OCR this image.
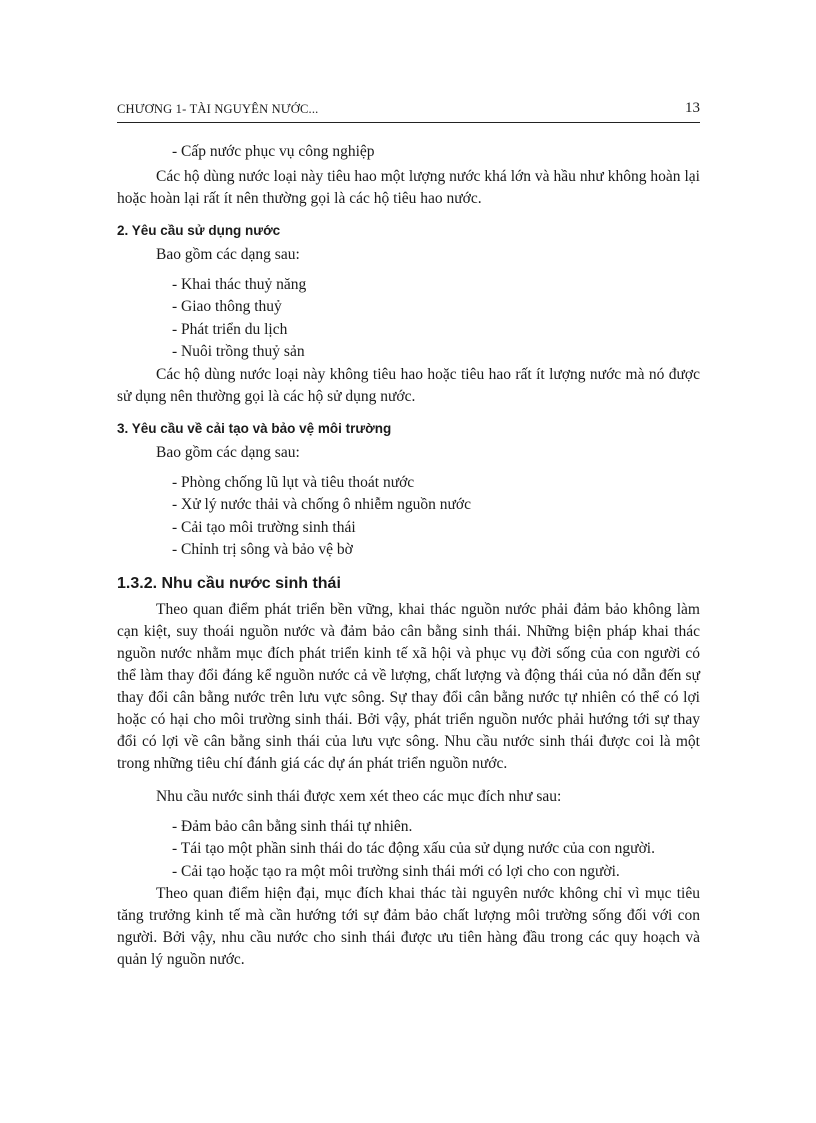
CHƯƠNG 1- TÀI NGUYÊN NƯỚC...	13
- Cấp nước phục vụ công nghiệp

Các hộ dùng nước loại này tiêu hao một lượng nước khá lớn và hầu như không hoàn lại hoặc hoàn lại rất ít nên thường gọi là các hộ tiêu hao nước.

2. Yêu cầu sử dụng nước

Bao gồm các dạng sau:

- Khai thác thuỷ năng
- Giao thông thuỷ
- Phát triển du lịch
- Nuôi trồng thuỷ sản

Các hộ dùng nước loại này không tiêu hao hoặc tiêu hao rất ít lượng nước mà nó được sử dụng nên thường gọi là các hộ sử dụng nước.

3. Yêu cầu về cải tạo và bảo vệ môi trường

Bao gồm các dạng sau:

- Phòng chống lũ lụt và tiêu thoát nước
- Xử lý nước thải và chống ô nhiễm nguồn nước
- Cải tạo môi trường sinh thái
- Chỉnh trị sông và bảo vệ bờ
1.3.2. Nhu cầu nước sinh thái

Theo quan điểm phát triển bền vững, khai thác nguồn nước phải đảm bảo không làm cạn kiệt, suy thoái nguồn nước và đảm bảo cân bằng sinh thái. Những biện pháp khai thác nguồn nước nhằm mục đích phát triển kinh tế xã hội và phục vụ đời sống của con người có thể làm thay đổi đáng kể nguồn nước cả về lượng, chất lượng và động thái của nó dẫn đến sự thay đổi cân bằng nước trên lưu vực sông. Sự thay đổi cân bằng nước tự nhiên có thể có lợi hoặc có hại cho môi trường sinh thái. Bởi vậy, phát triển nguồn nước phải hướng tới sự thay đổi có lợi về cân bằng sinh thái của lưu vực sông. Nhu cầu nước sinh thái được coi là một trong những tiêu chí đánh giá các dự án phát triển nguồn nước.

Nhu cầu nước sinh thái được xem xét theo các mục đích như sau:

- Đảm bảo cân bằng sinh thái tự nhiên.
- Tái tạo một phần sinh thái do tác động xấu của sử dụng nước của con người.
- Cải tạo hoặc tạo ra một môi trường sinh thái mới có lợi cho con người.

Theo quan điểm hiện đại, mục đích khai thác tài nguyên nước không chỉ vì mục tiêu tăng trưởng kinh tế mà cần hướng tới sự đảm bảo chất lượng môi trường sống đối với con người. Bởi vậy, nhu cầu nước cho sinh thái được ưu tiên hàng đầu trong các quy hoạch và quản lý nguồn nước.
